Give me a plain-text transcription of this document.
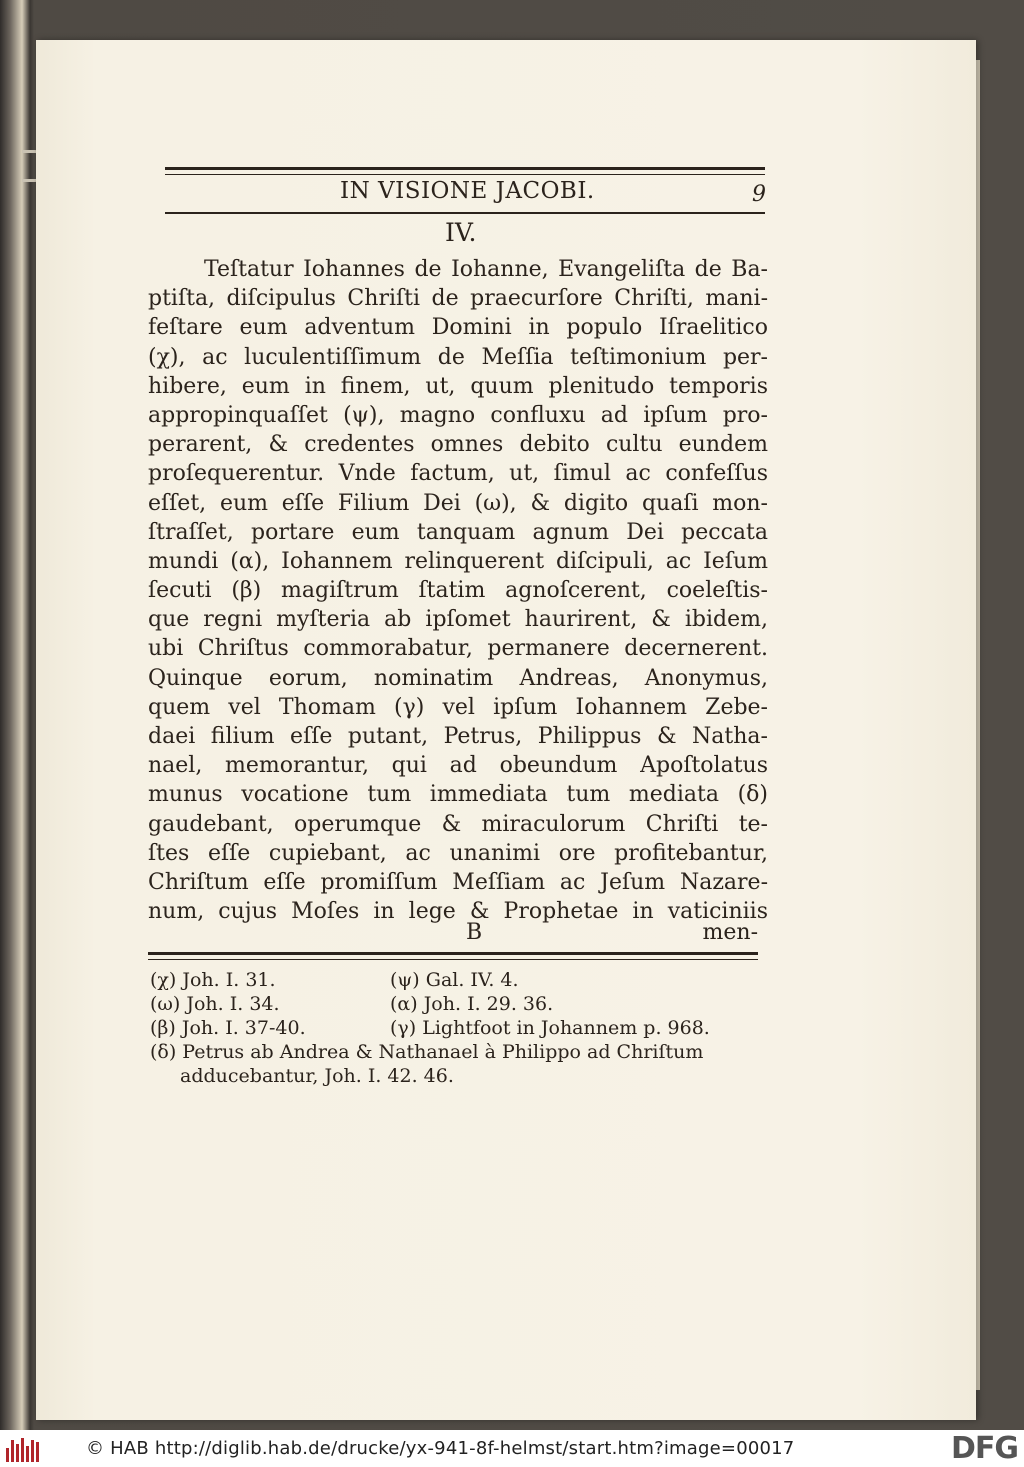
IN VISIONE JACOBI.	9
IV.
Teſtatur Iohannes de Iohanne, Evangeliſta de Ba-
ptiſta, diſcipulus Chriſti de praecurſore Chriſti, mani-
feſtare eum adventum Domini in populo Iſraelitico
(χ), ac luculentiſſimum de Meſſia teſtimonium per-
hibere, eum in finem, ut, quum plenitudo temporis
appropinquaſſet (ψ), magno confluxu ad ipſum pro-
perarent, & credentes omnes debito cultu eundem
proſequerentur. Vnde factum, ut, ſimul ac confeſſus
eſſet, eum eſſe Filium Dei (ω), & digito quaſi mon-
ſtraſſet, portare eum tanquam agnum Dei peccata
mundi (α), Iohannem relinquerent diſcipuli, ac Ieſum
ſecuti (β) magiſtrum ſtatim agnoſcerent, coeleſtis-
que regni myſteria ab ipſomet haurirent, & ibidem,
ubi Chriſtus commorabatur, permanere decernerent.
Quinque eorum, nominatim Andreas, Anonymus,
quem vel Thomam (γ) vel ipſum Iohannem Zebe-
daei filium eſſe putant, Petrus, Philippus & Natha-
nael, memorantur, qui ad obeundum Apoſtolatus
munus vocatione tum immediata tum mediata (δ)
gaudebant, operumque & miraculorum Chriſti te-
ſtes eſſe cupiebant, ac unanimi ore profitebantur,
Chriſtum eſſe promiſſum Meſſiam ac Jeſum Nazare-
num, cujus Moſes in lege & Prophetae in vaticiniis
B	men-
(χ) Joh. I. 31.	(ψ) Gal. IV. 4.
(ω) Joh. I. 34.	(α) Joh. I. 29. 36.
(β) Joh. I. 37-40.	(γ) Lightfoot in Johannem p. 968.
(δ) Petrus ab Andrea & Nathanael à Philippo ad Chriſtum
adducebantur, Joh. I. 42. 46.
© HAB http://diglib.hab.de/drucke/yx-941-8f-helmst/start.htm?image=00017	DFG
